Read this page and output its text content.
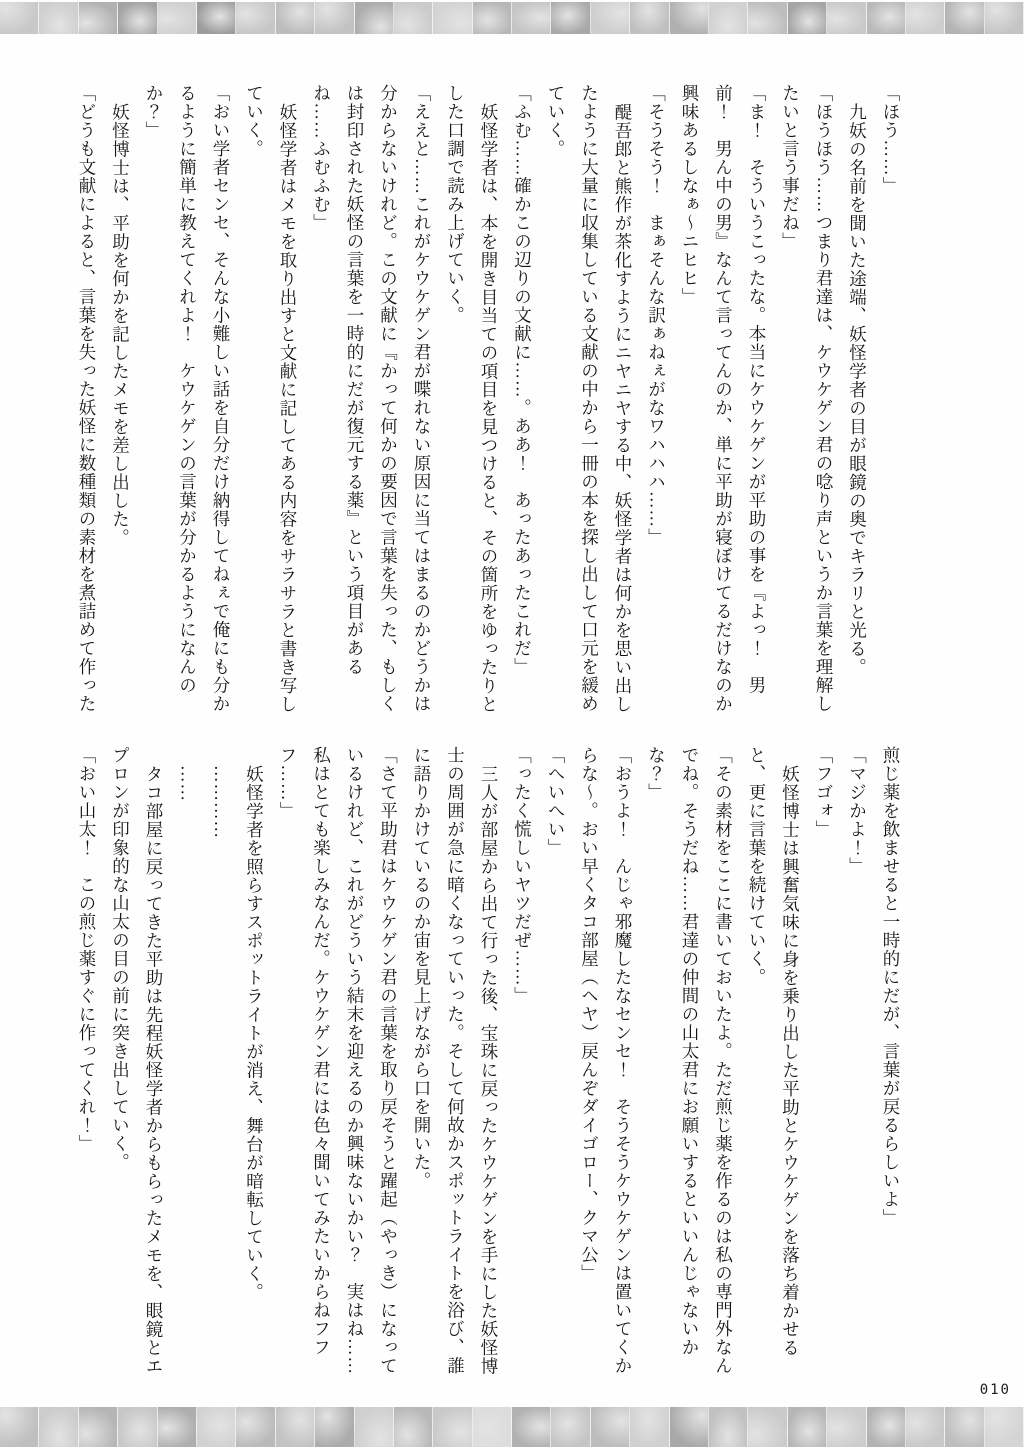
「ほう……」

九妖の名前を聞いた途端、妖怪学者の目が眼鏡の奥でキラリと光る。

「ほうほう……つまり君達は、ケウケゲン君の唸り声というか言葉を理解したいと言う事だね」

「ま！　そういうこったな。本当にケウケゲンが平助の事を『よっ！　男前！　男ん中の男』なんて言ってんのか、単に平助が寝ぼけてるだけなのか興味あるしなぁ～ニヒヒ」

「そうそう！　まぁそんな訳ぁねぇがなワハハハ……」

醍吾郎と熊作が茶化すようにニヤニヤする中、妖怪学者は何かを思い出したように大量に収集している文献の中から一冊の本を探し出して口元を緩めていく。

「ふむ……確かこの辺りの文献に……。ああ！　あったあったこれだ」

妖怪学者は、本を開き目当ての項目を見つけると、その箇所をゆったりとした口調で読み上げていく。

「ええと……これがケウケゲン君が喋れない原因に当てはまるのかどうかは分からないけれど。この文献に『かって何かの要因で言葉を失った、もしくは封印された妖怪の言葉を一時的にだが復元する薬』という項目があるね……ふむふむ」

妖怪学者はメモを取り出すと文献に記してある内容をサラサラと書き写していく。

「おい学者センセ、そんな小難しい話を自分だけ納得してねぇで俺にも分かるように簡単に教えてくれよ！　ケウケゲンの言葉が分かるようになんのか？」

妖怪博士は、平助を何かを記したメモを差し出した。

「どうも文献によると、言葉を失った妖怪に数種類の素材を煮詰めて作った

煎じ薬を飲ませると一時的にだが、言葉が戻るらしいよ」

「マジかよ！」

「フゴォ」

妖怪博士は興奮気味に身を乗り出した平助とケウケゲンを落ち着かせると、更に言葉を続けていく。

「その素材をここに書いておいたよ。ただ煎じ薬を作るのは私の専門外なんでね。そうだね……君達の仲間の山太君にお願いするといいんじゃないかな？」

「おうよ！　んじゃ邪魔したなセンセ！　そうそうケウケゲンは置いてくからな～。おい早くタコ部屋（ヘヤ）戻んぞダイゴロー、クマ公」

「へいへい」

「ったく慌しいヤツだぜ……」

三人が部屋から出て行った後、宝珠に戻ったケウケゲンを手にした妖怪博士の周囲が急に暗くなっていった。そして何故かスポットライトを浴び、誰に語りかけているのか宙を見上げながら口を開いた。

「さて平助君はケウケゲン君の言葉を取り戻そうと躍起（やっき）になっているけれど、これがどういう結末を迎えるのか興味ないかい？　実はね……私はとても楽しみなんだ。ケウケゲン君には色々聞いてみたいからねフフフ……」

妖怪学者を照らすスポットライトが消え、舞台が暗転していく。

…………

……

タコ部屋に戻ってきた平助は先程妖怪学者からもらったメモを、眼鏡とエプロンが印象的な山太の目の前に突き出していく。

「おい山太！　この煎じ薬すぐに作ってくれ！」

010
